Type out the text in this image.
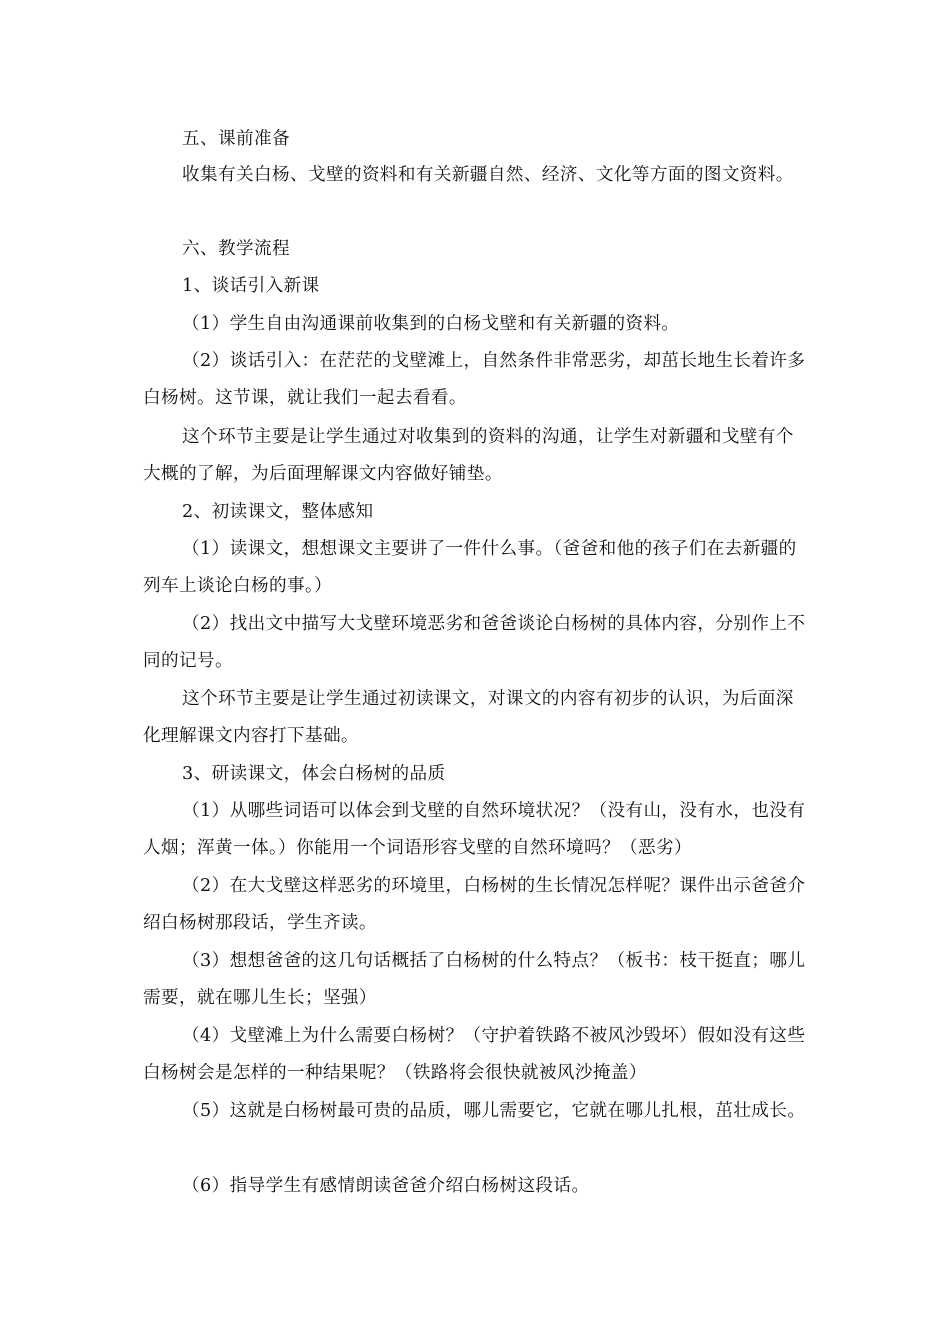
五、课前准备

收集有关白杨、戈壁的资料和有关新疆自然、经济、文化等方面的图文资料。

六、教学流程

1、谈话引入新课

（1）学生自由沟通课前收集到的白杨戈壁和有关新疆的资料。

（2）谈话引入：在茫茫的戈壁滩上，自然条件非常恶劣，却茁长地生长着许多白杨树。这节课，就让我们一起去看看。

这个环节主要是让学生通过对收集到的资料的沟通，让学生对新疆和戈壁有个大概的了解，为后面理解课文内容做好铺垫。

2、初读课文，整体感知

（1）读课文，想想课文主要讲了一件什么事。（爸爸和他的孩子们在去新疆的列车上谈论白杨的事。）

（2）找出文中描写大戈壁环境恶劣和爸爸谈论白杨树的具体内容，分别作上不同的记号。

这个环节主要是让学生通过初读课文，对课文的内容有初步的认识，为后面深化理解课文内容打下基础。

3、研读课文，体会白杨树的品质

（1）从哪些词语可以体会到戈壁的自然环境状况？（没有山，没有水，也没有人烟；浑黄一体。）你能用一个词语形容戈壁的自然环境吗？（恶劣）

（2）在大戈壁这样恶劣的环境里，白杨树的生长情况怎样呢？课件出示爸爸介绍白杨树那段话，学生齐读。

（3）想想爸爸的这几句话概括了白杨树的什么特点？（板书：枝干挺直；哪儿需要，就在哪儿生长；坚强）

（4）戈壁滩上为什么需要白杨树？（守护着铁路不被风沙毁坏）假如没有这些白杨树会是怎样的一种结果呢？（铁路将会很快就被风沙掩盖）

（5）这就是白杨树最可贵的品质，哪儿需要它，它就在哪儿扎根，茁壮成长。

（6）指导学生有感情朗读爸爸介绍白杨树这段话。
